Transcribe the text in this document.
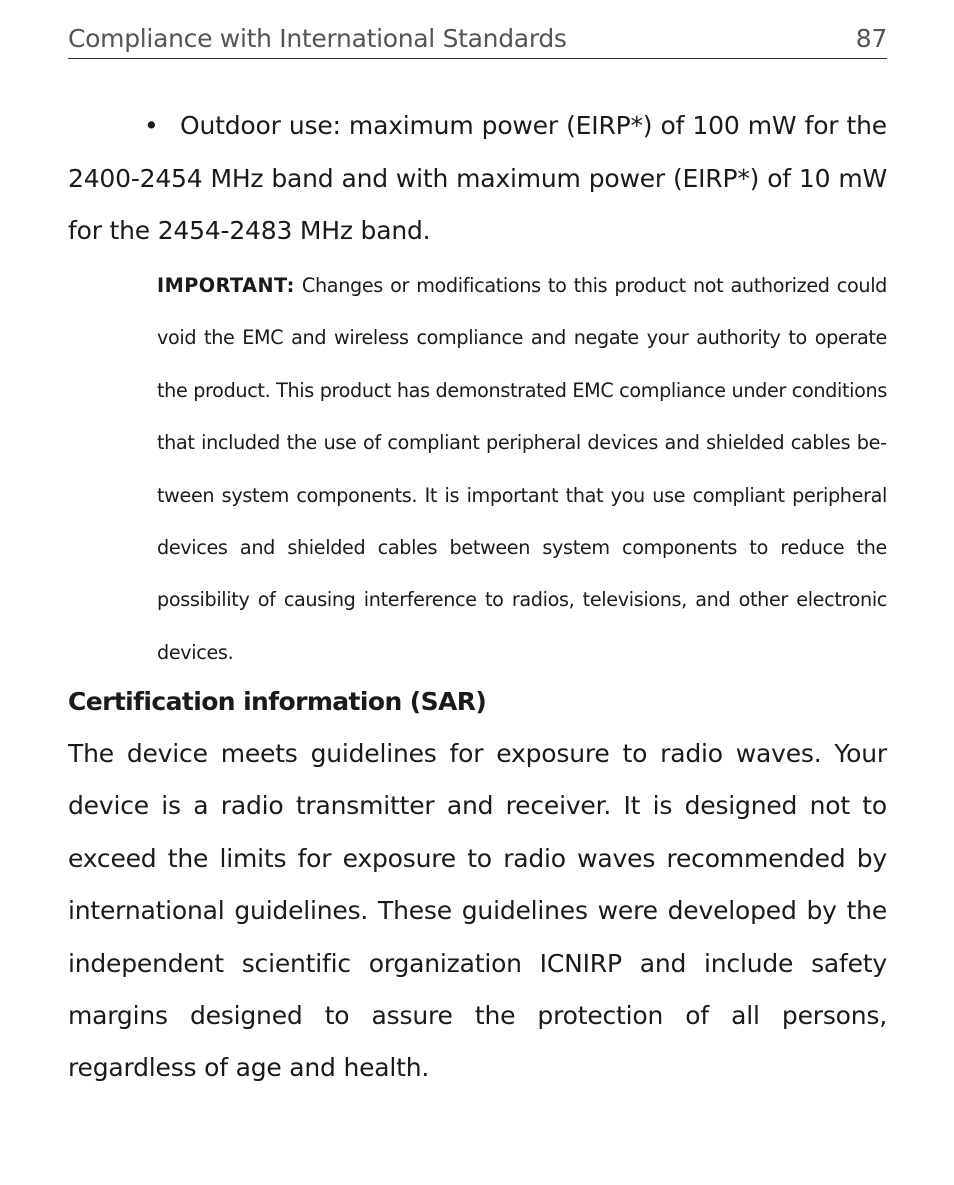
Compliance with International Standards	87

• Outdoor use: maximum power (EIRP*) of 100 mW for the 2400-2454 MHz band and with maximum power (EIRP*) of 10 mW for the 2454-2483 MHz band.

IMPORTANT: Changes or modifications to this product not authorized could void the EMC and wireless compliance and negate your authority to operate the product. This product has demonstrated EMC compliance under conditions that included the use of compliant peripheral devices and shielded cables between system components. It is important that you use compliant peripheral devices and shielded cables between system components to reduce the possibility of causing interference to radios, televisions, and other electronic devices.

Certification information (SAR)

The device meets guidelines for exposure to radio waves. Your device is a radio transmitter and receiver. It is designed not to exceed the limits for exposure to radio waves recommended by international guidelines. These guidelines were developed by the independent scientific organization ICNIRP and include safety margins designed to assure the protection of all persons, regardless of age and health.
